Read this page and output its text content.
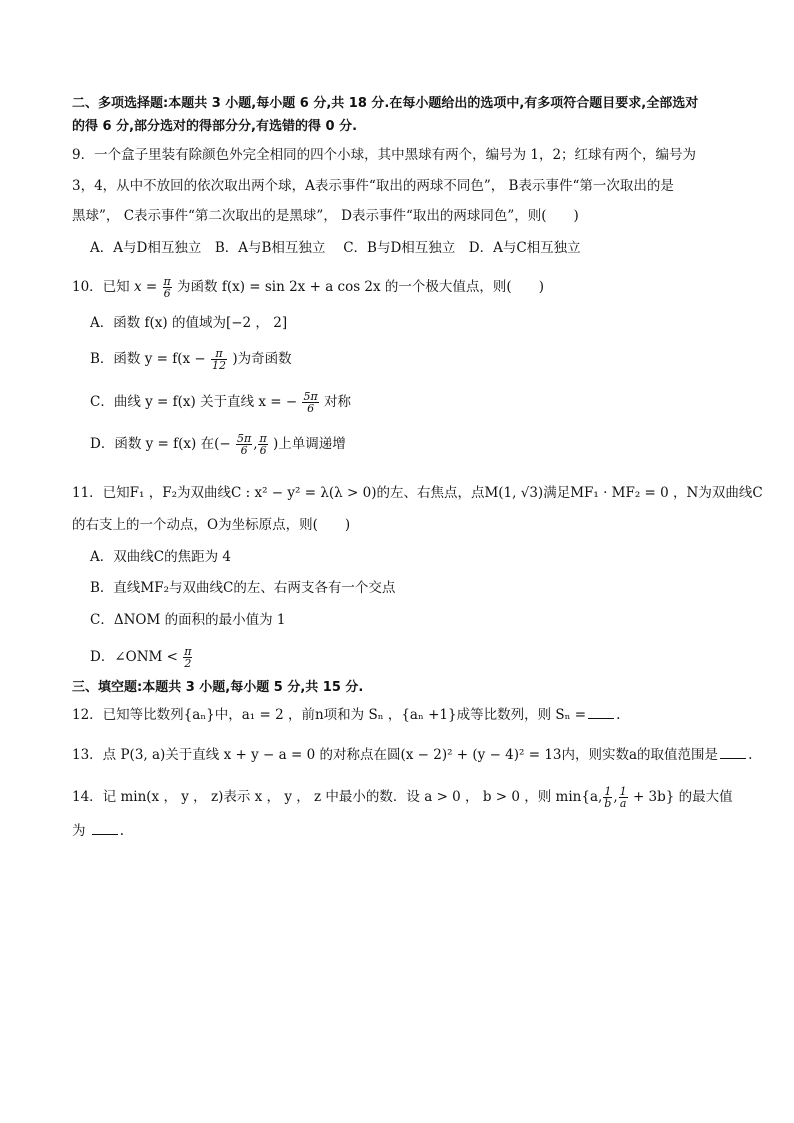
二、多项选择题:本题共 3 小题,每小题 6 分,共 18 分.在每小题给出的选项中,有多项符合题目要求,全部选对
的得 6 分,部分选对的得部分分,有选错的得 0 分.
9．一个盒子里装有除颜色外完全相同的四个小球，其中黑球有两个，编号为 1，2；红球有两个，编号为
3，4，从中不放回的依次取出两个球，A表示事件“取出的两球不同色”， B表示事件“第一次取出的是
黑球”， C表示事件“第二次取出的是黑球”， D表示事件“取出的两球同色”，则(　　)
A．A与D相互独立　B．A与B相互独立　 C．B与D相互独立　D．A与C相互独立
10．已知 $x = \frac{\pi}{6}$ 为函数 f(x) = sin 2x + a cos 2x 的一个极大值点，则(　　)
A．函数 f(x) 的值域为[−2 ， 2]
B．函数 $y = f(x - \frac{\pi}{12}$ )为奇函数
C．曲线 y = f(x) 关于直线 x = − $\frac{5\pi}{6}$ 对称
D．函数 y = f(x) 在(− $\frac{5\pi}{6}$ , $\frac{\pi}{6}$ )上单调递增
11．已知F₁ ，F₂为双曲线C : x² − y² = λ(λ > 0)的左、右焦点，点M(1, √3)满足MF₁ · MF₂ = 0 ，N为双曲线C
的右支上的一个动点，O为坐标原点，则(　　)
A．双曲线C的焦距为 4
B．直线MF₂与双曲线C的左、右两支各有一个交点
C．ΔNOM 的面积的最小值为 1
D．∠ONM < $\frac{\pi}{2}$
三、填空题:本题共 3 小题,每小题 5 分,共 15 分.
12．已知等比数列{aₙ}中，a₁ = 2 ，前n项和为 Sₙ ，{aₙ +1}成等比数列，则 Sₙ = .
13．点 P(3, a)关于直线 x + y − a = 0 的对称点在圆(x − 2)² + (y − 4)² = 13内，则实数a的取值范围是 .
14．记 min(x ， y ， z)表示 x ， y ， z 中最小的数．设 a > 0 ， b > 0 ，则 min{a, $\frac{1}{b}$ , $\frac{1}{a} + 3b$} 的最大值
为	.
